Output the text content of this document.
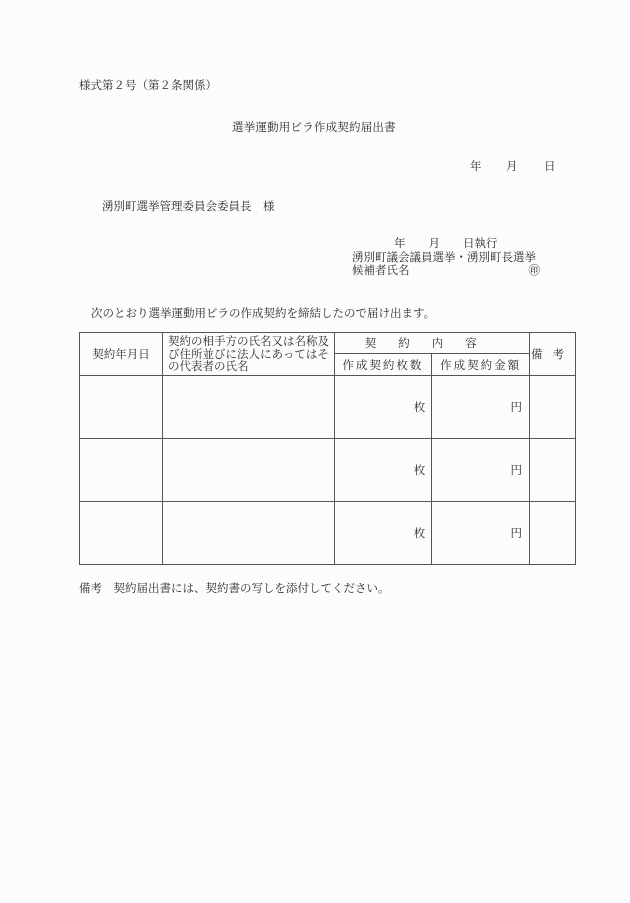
様式第２号（第２条関係）
選挙運動用ビラ作成契約届出書
年 月 日
湧別町選挙管理委員会委員長　様
年　　月　　日執行
湧別町議会議員選挙・湧別町長選挙
候補者氏名	㊞
次のとおり選挙運動用ビラの作成契約を締結したので届け出ます。
契約年月日	契約の相手方の氏名又は名称及び住所並びに法人にあってはその代表者の氏名	契約内容		備考
		作成契約枚数	作成契約金額	
		枚	円	
		枚	円	
		枚	円	
備考　契約届出書には、契約書の写しを添付してください。
